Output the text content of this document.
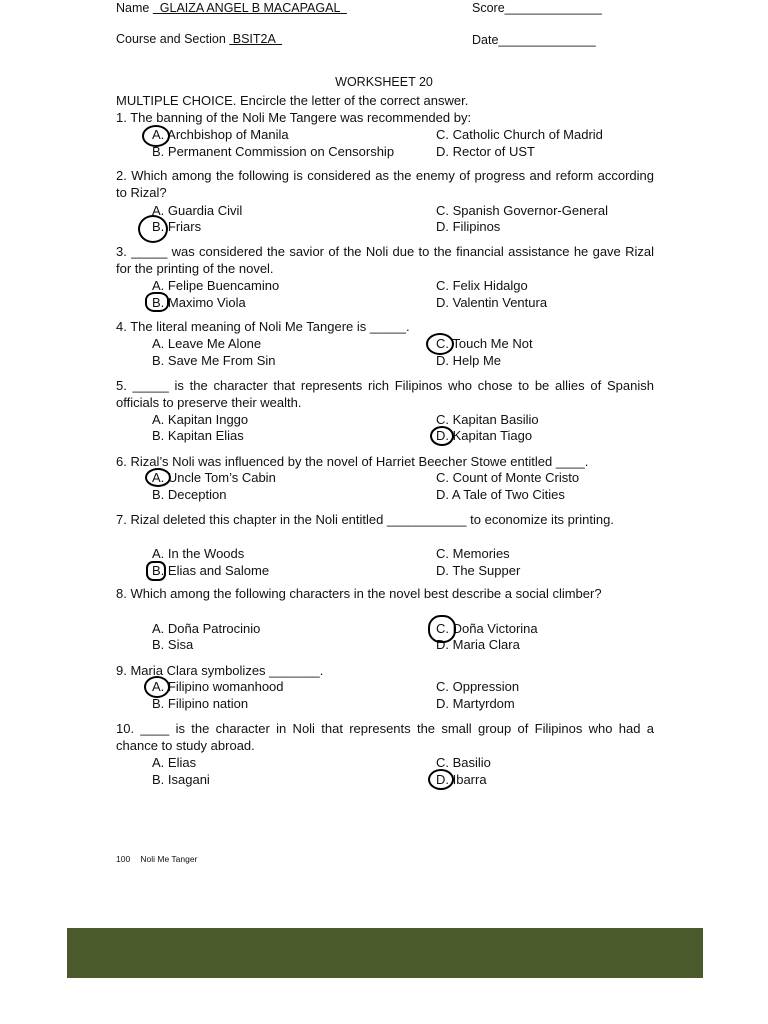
Name   GLAIZA ANGEL B MACAPAGAL	Score______________
Course and Section  BSIT2A	Date______________
WORKSHEET 20
MULTIPLE CHOICE. Encircle the letter of the correct answer.
1. The banning of the Noli Me Tangere was recommended by:
A. Archbishop of Manila
B. Permanent Commission on Censorship
C. Catholic Church of Madrid
D. Rector of UST
2. Which among the following is considered as the enemy of progress and reform according to Rizal?
A. Guardia Civil
B. Friars
C. Spanish Governor-General
D. Filipinos
3. _____ was considered the savior of the Noli due to the financial assistance he gave Rizal for the printing of the novel.
A. Felipe Buencamino
B. Maximo Viola
C. Felix Hidalgo
D. Valentin Ventura
4. The literal meaning of Noli Me Tangere is _____.
A. Leave Me Alone
B. Save Me From Sin
C. Touch Me Not
D. Help Me
5. _____ is the character that represents rich Filipinos who chose to be allies of Spanish officials to preserve their wealth.
A. Kapitan Inggo
B. Kapitan Elias
C. Kapitan Basilio
D. Kapitan Tiago
6. Rizal’s Noli was influenced by the novel of Harriet Beecher Stowe entitled ____.
A. Uncle Tom’s Cabin
B. Deception
C. Count of Monte Cristo
D. A Tale of Two Cities
7. Rizal deleted this chapter in the Noli entitled ___________ to economize its printing.
A. In the Woods
B. Elias and Salome
C. Memories
D. The Supper
8. Which among the following characters in the novel best describe a social climber?
A. Doña Patrocinio
B. Sisa
C. Doña Victorina
D. Maria Clara
9. Maria Clara symbolizes _______.
A. Filipino womanhood
B. Filipino nation
C. Oppression
D. Martyrdom
10. ____ is the character in Noli that represents the small group of Filipinos who had a chance to study abroad.
A. Elias
B. Isagani
C. Basilio
D. Ibarra
100 Noli Me Tanger
